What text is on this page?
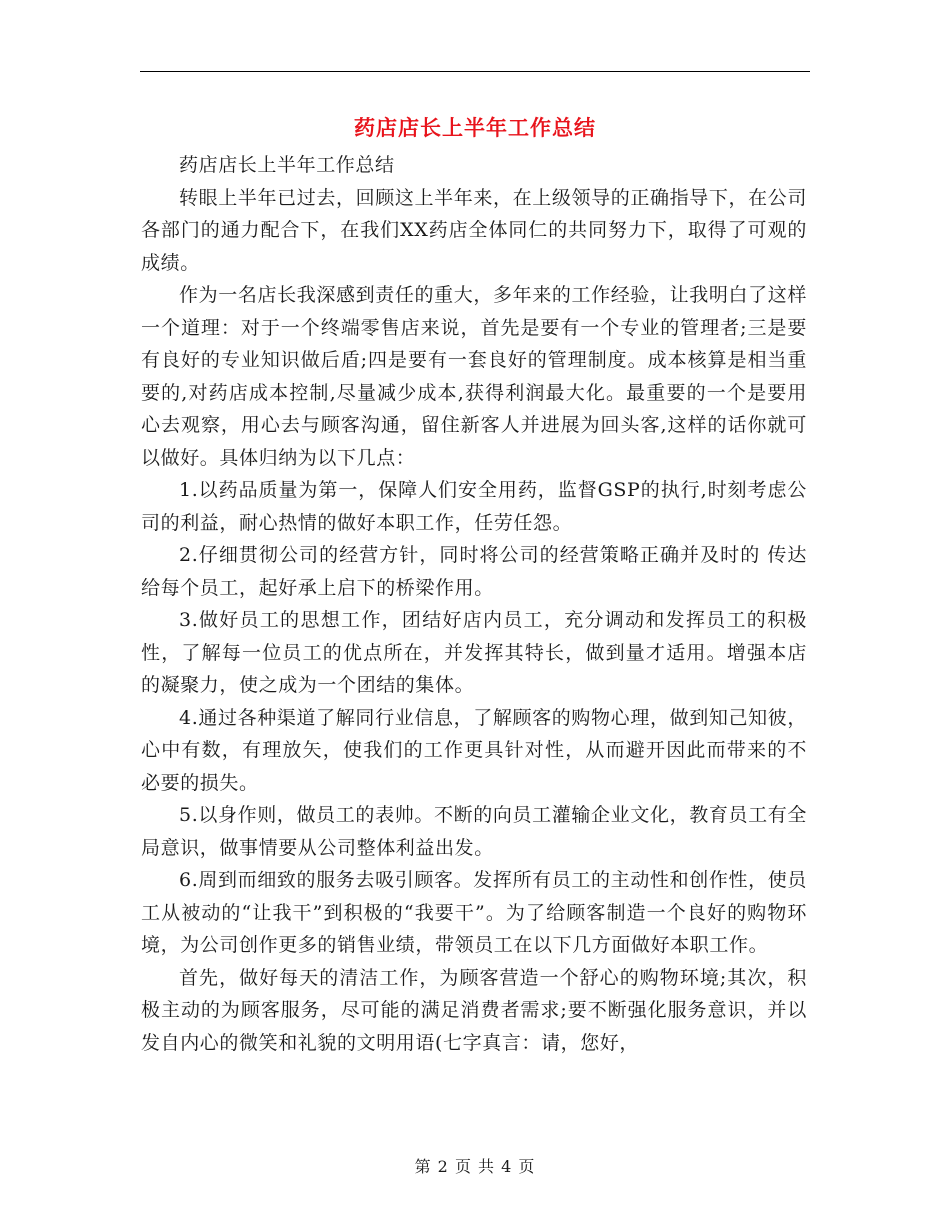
药店店长上半年工作总结

药店店长上半年工作总结

转眼上半年已过去，回顾这上半年来，在上级领导的正确指导下，在公司各部门的通力配合下，在我们XX药店全体同仁的共同努力下，取得了可观的成绩。

作为一名店长我深感到责任的重大，多年来的工作经验，让我明白了这样一个道理：对于一个终端零售店来说，首先是要有一个专业的管理者;三是要有良好的专业知识做后盾;四是要有一套良好的管理制度。成本核算是相当重要的,对药店成本控制,尽量减少成本,获得利润最大化。最重要的一个是要用心去观察，用心去与顾客沟通，留住新客人并进展为回头客,这样的话你就可以做好。具体归纳为以下几点：

1.以药品质量为第一，保障人们安全用药，监督GSP的执行,时刻考虑公司的利益，耐心热情的做好本职工作，任劳任怨。

2.仔细贯彻公司的经营方针，同时将公司的经营策略正确并及时的 传达给每个员工，起好承上启下的桥梁作用。

3.做好员工的思想工作，团结好店内员工，充分调动和发挥员工的积极性，了解每一位员工的优点所在，并发挥其特长，做到量才适用。增强本店的凝聚力，使之成为一个团结的集体。

4.通过各种渠道了解同行业信息，了解顾客的购物心理，做到知己知彼，心中有数，有理放矢，使我们的工作更具针对性，从而避开因此而带来的不必要的损失。

5.以身作则，做员工的表帅。不断的向员工灌输企业文化，教育员工有全局意识，做事情要从公司整体利益出发。

6.周到而细致的服务去吸引顾客。发挥所有员工的主动性和创作性，使员工从被动的“让我干”到积极的“我要干”。为了给顾客制造一个良好的购物环境，为公司创作更多的销售业绩，带领员工在以下几方面做好本职工作。

首先，做好每天的清洁工作，为顾客营造一个舒心的购物环境;其次，积极主动的为顾客服务，尽可能的满足消费者需求;要不断强化服务意识，并以发自内心的微笑和礼貌的文明用语(七字真言：请，您好，

第 2 页 共 4 页
